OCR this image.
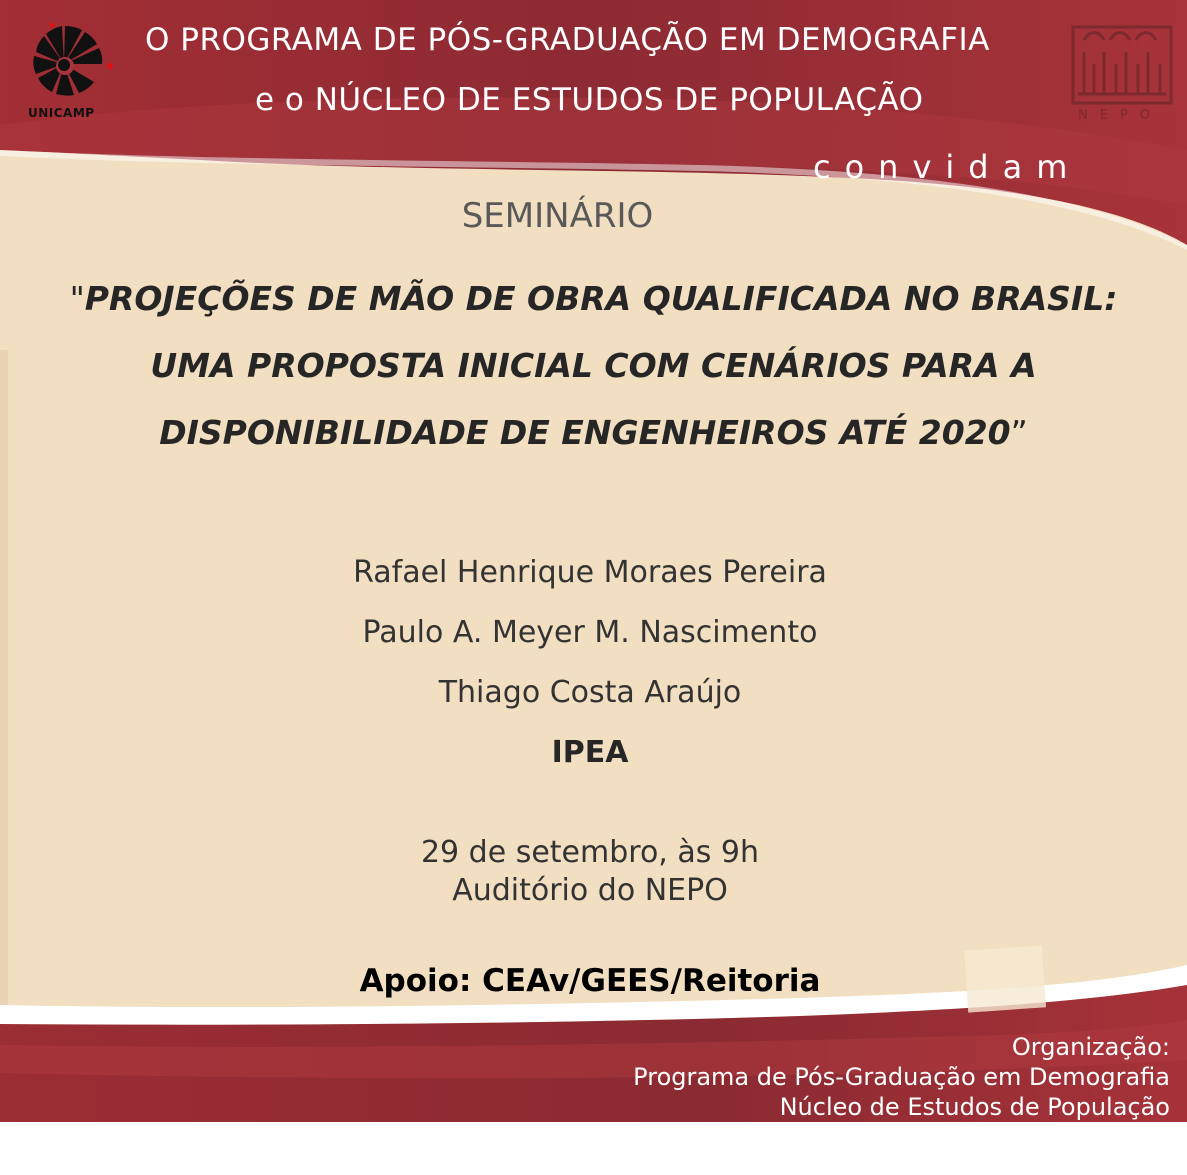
UNICAMP	NEPO
O PROGRAMA DE PÓS-GRADUAÇÃO EM DEMOGRAFIA
e o NÚCLEO DE ESTUDOS DE POPULAÇÃO
convidam
SEMINÁRIO
"PROJEÇÕES DE MÃO DE OBRA QUALIFICADA NO BRASIL:
UMA PROPOSTA INICIAL COM CENÁRIOS PARA A
DISPONIBILIDADE DE ENGENHEIROS ATÉ 2020”
Rafael Henrique Moraes Pereira
Paulo A. Meyer M. Nascimento
Thiago Costa Araújo
IPEA
29 de setembro, às 9h
Auditório do NEPO
Apoio: CEAv/GEES/Reitoria
Organização:
Programa de Pós-Graduação em Demografia
Núcleo de Estudos de População
